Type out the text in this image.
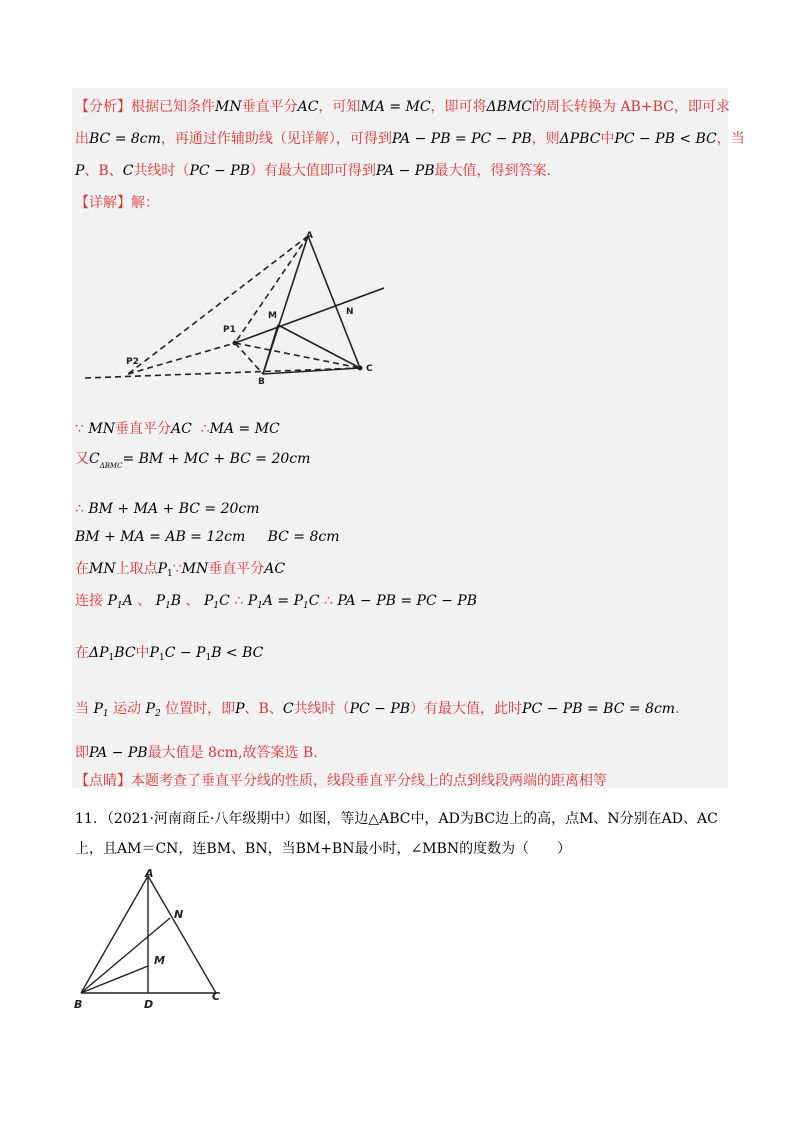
【分析】根据已知条件MN垂直平分AC，可知MA = MC，即可将ΔBMC的周长转换为 AB+BC，即可求
出BC = 8cm，再通过作辅助线（见详解），可得到PA − PB = PC − PB，则ΔPBC中PC − PB < BC，当
P、B、C共线时（PC − PB）有最大值即可得到PA − PB最大值，得到答案.
【详解】解：
A
N
M
P1
P2
B
C
∵ MN垂直平分AC ∴MA = MC
又$C_{\Delta BMC}=$ BM + MC + BC = 20cm
∴ BM + MA + BC = 20cm
BM + MA = AB = 12cm BC = 8cm
在MN上取点$P_1\because MN$垂直平分AC
连接 $P_1A$ 、 $P_1B$ 、 $P_1C$ ∴ $P_1A = P_1C$ ∴ PA − PB = PC − PB
在$\Delta P_1BC$中$P_1C - P_1B$ < BC
当 $P_1$ 运动 $P_2$ 位置时，即P、B、C共线时（PC − PB）有最大值，此时PC − PB = BC = 8cm.
即PA − PB最大值是 8cm,故答案选 B.
【点睛】本题考查了垂直平分线的性质，线段垂直平分线上的点到线段两端的距离相等
11．（2021·河南商丘·八年级期中）如图，等边△ABC中，AD为BC边上的高，点M、N分别在AD、AC
上，且AM＝CN，连BM、BN，当BM+BN最小时，∠MBN的度数为（　　）
A
N
M
B	D
C
